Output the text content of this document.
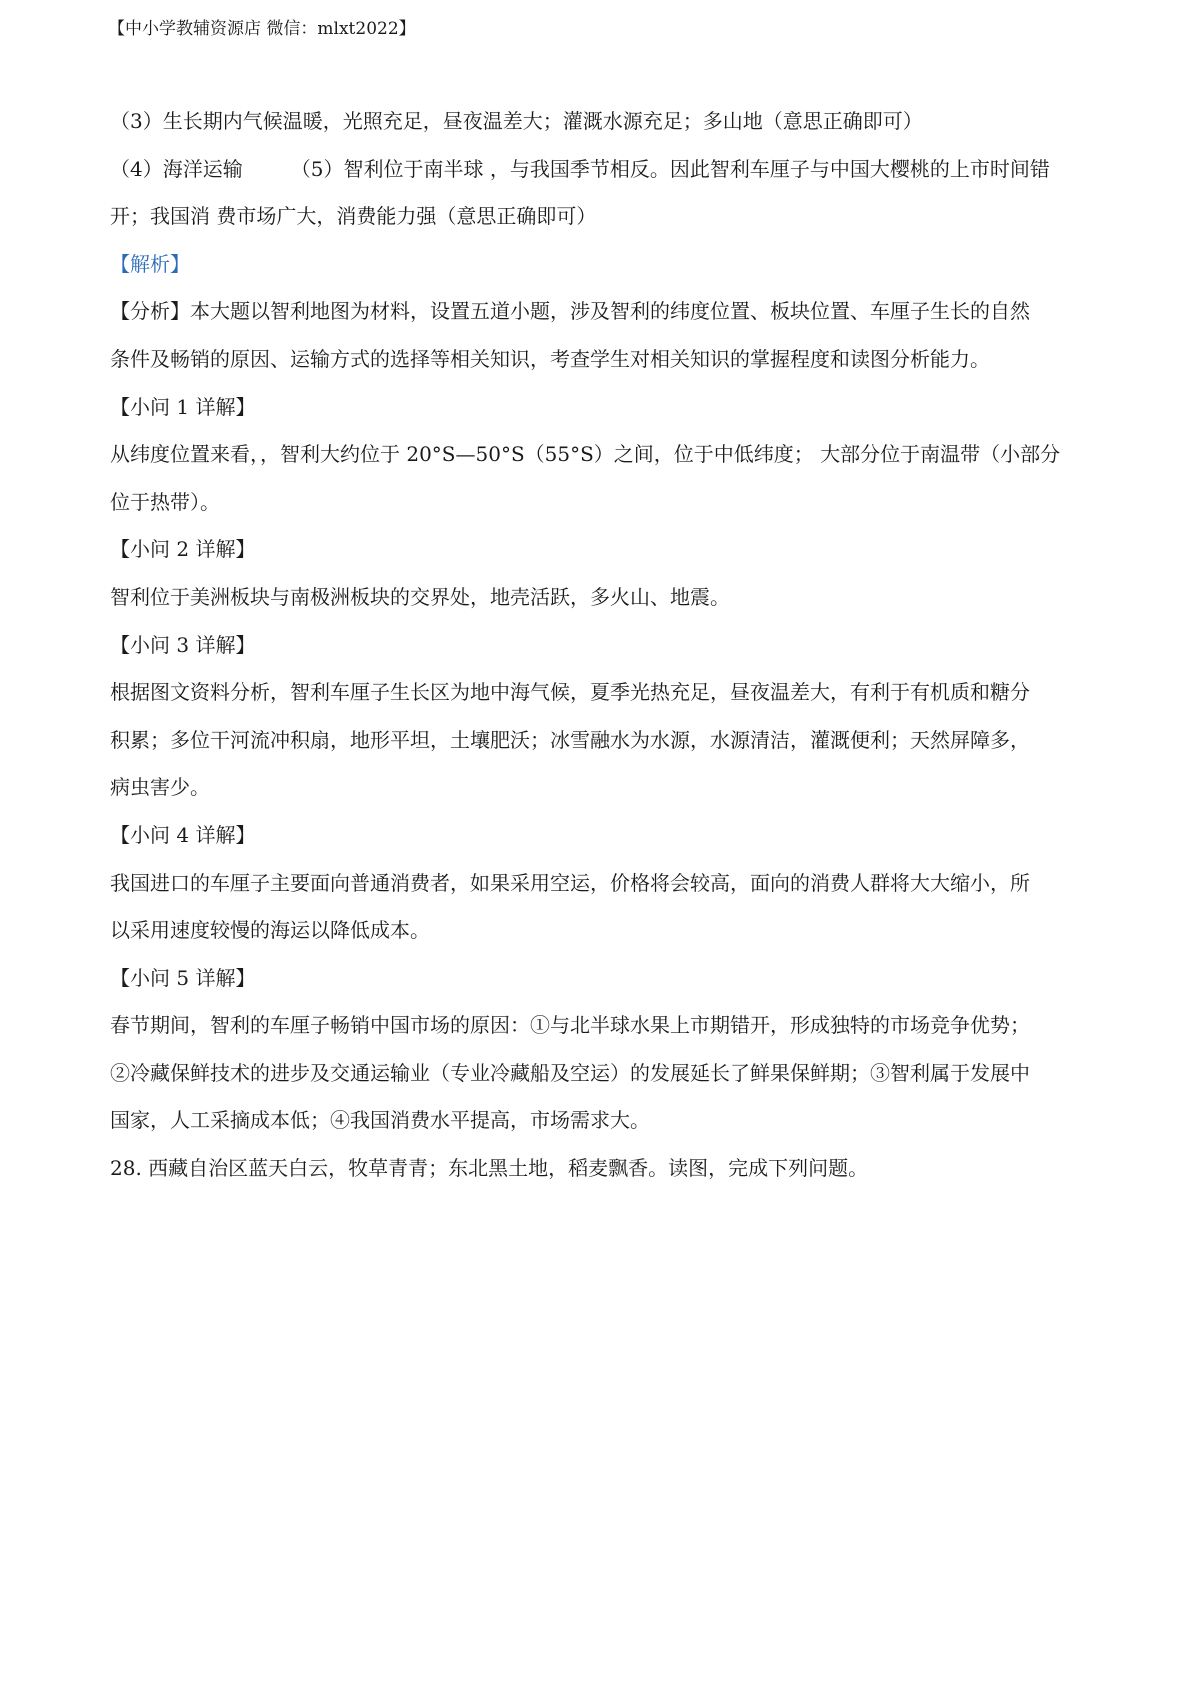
【中小学教辅资源店 微信：mlxt2022】
（3）生长期内气候温暖，光照充足，昼夜温差大；灌溉水源充足；多山地（意思正确即可）
（4）海洋运输 （5）智利位于南半球 ，与我国季节相反。因此智利车厘子与中国大樱桃的上市时间错
开；我国消 费市场广大，消费能力强（意思正确即可）
【解析】
【分析】本大题以智利地图为材料，设置五道小题，涉及智利的纬度位置、板块位置、车厘子生长的自然
条件及畅销的原因、运输方式的选择等相关知识，考查学生对相关知识的掌握程度和读图分析能力。
【小问 1 详解】
从纬度位置来看，，智利大约位于 20°S—50°S（55°S）之间，位于中低纬度； 大部分位于南温带（小部分
位于热带）。
【小问 2 详解】
智利位于美洲板块与南极洲板块的交界处，地壳活跃，多火山、地震。
【小问 3 详解】
根据图文资料分析，智利车厘子生长区为地中海气候，夏季光热充足，昼夜温差大，有利于有机质和糖分
积累；多位干河流冲积扇，地形平坦，土壤肥沃；冰雪融水为水源，水源清洁，灌溉便利；天然屏障多，
病虫害少。
【小问 4 详解】
我国进口的车厘子主要面向普通消费者，如果采用空运，价格将会较高，面向的消费人群将大大缩小，所
以采用速度较慢的海运以降低成本。
【小问 5 详解】
春节期间，智利的车厘子畅销中国市场的原因：①与北半球水果上市期错开，形成独特的市场竞争优势；
②冷藏保鲜技术的进步及交通运输业（专业冷藏船及空运）的发展延长了鲜果保鲜期；③智利属于发展中
国家，人工采摘成本低；④我国消费水平提高，市场需求大。
28. 西藏自治区蓝天白云，牧草青青；东北黑土地，稻麦飘香。读图，完成下列问题。
